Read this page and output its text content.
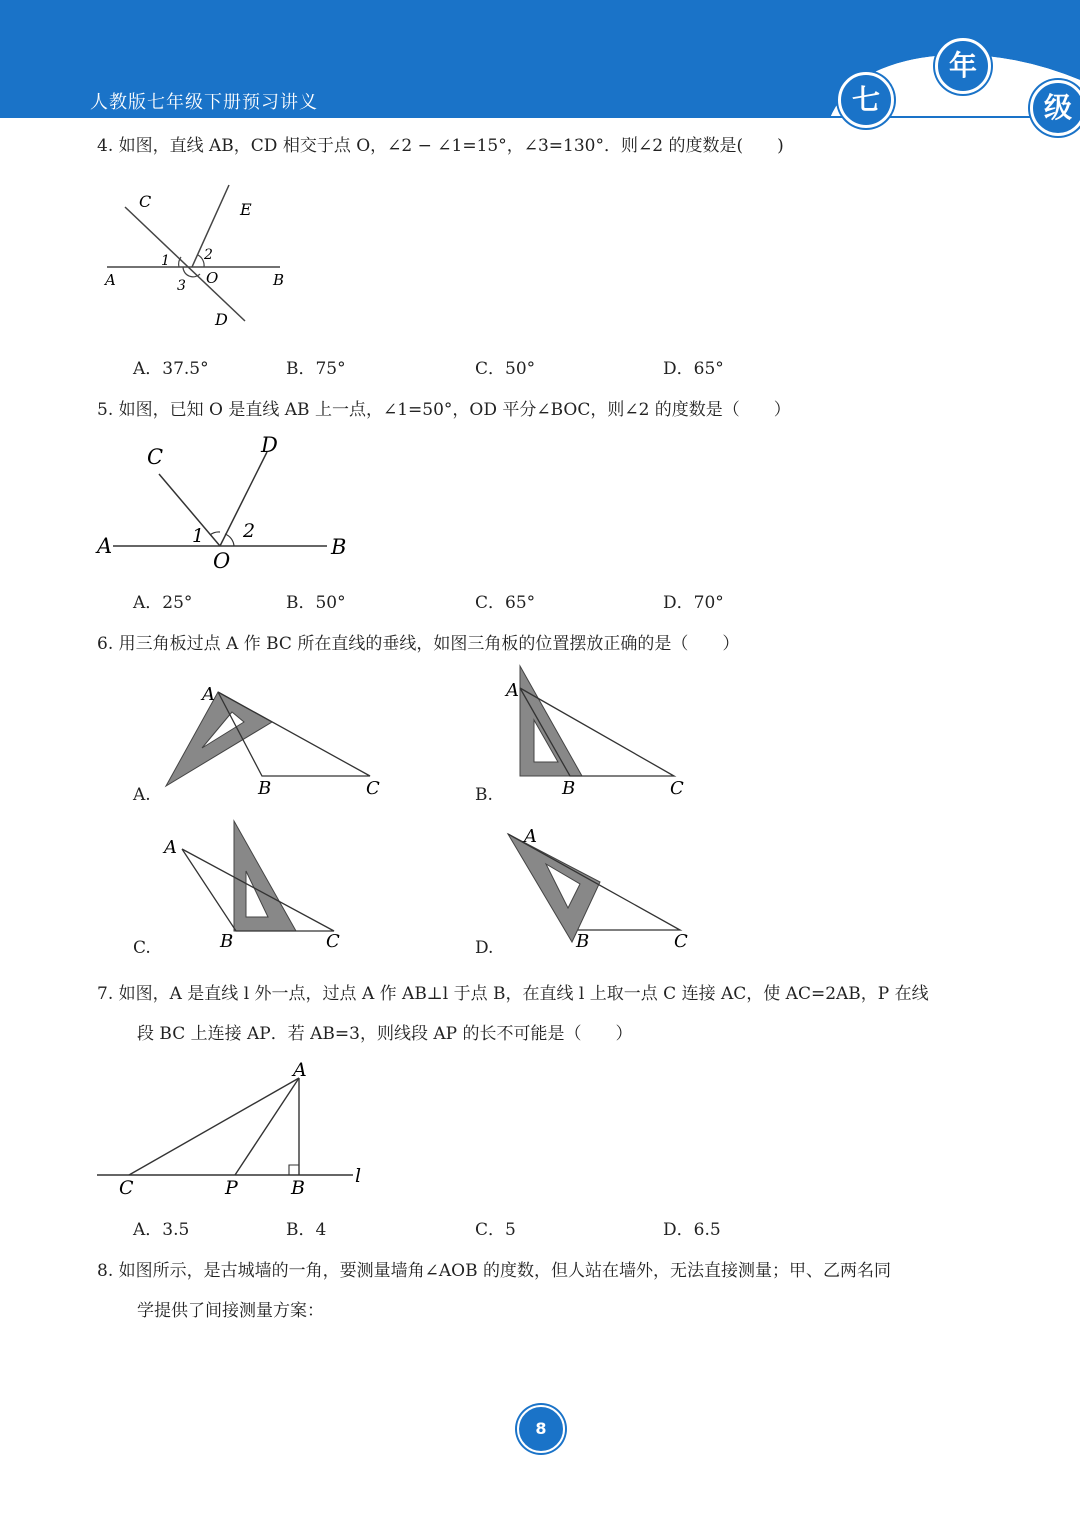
人教版七年级下册预习讲义	七
年
级
4. 如图，直线 AB，CD 相交于点 O，∠2 − ∠1=15°，∠3=130°．则∠2 的度数是(　　)
C	E
A	B
O
D
1 2
3
A．37.5°	B．75°	C．50°	D．65°
5. 如图，已知 O 是直线 AB 上一点，∠1=50°，OD 平分∠BOC，则∠2 的度数是（　　）
C	D
A	B
O
1 2
A．25°	B．50°	C．65°	D．70°
6. 用三角板过点 A 作 BC 所在直线的垂线，如图三角板的位置摆放正确的是（　　）
A
B	C
A.
A
B	C
B.
A
B	C
C.
A
B	C
D.
7. 如图，A 是直线 l 外一点，过点 A 作 AB⊥l 于点 B，在直线 l 上取一点 C 连接 AC，使 AC=2AB，P 在线
段 BC 上连接 AP．若 AB=3，则线段 AP 的长不可能是（　　）
A
C	P	B
l
A．3.5	B．4	C．5	D．6.5
8. 如图所示，是古城墙的一角，要测量墙角∠AOB 的度数，但人站在墙外，无法直接测量；甲、乙两名同
学提供了间接测量方案：
8
